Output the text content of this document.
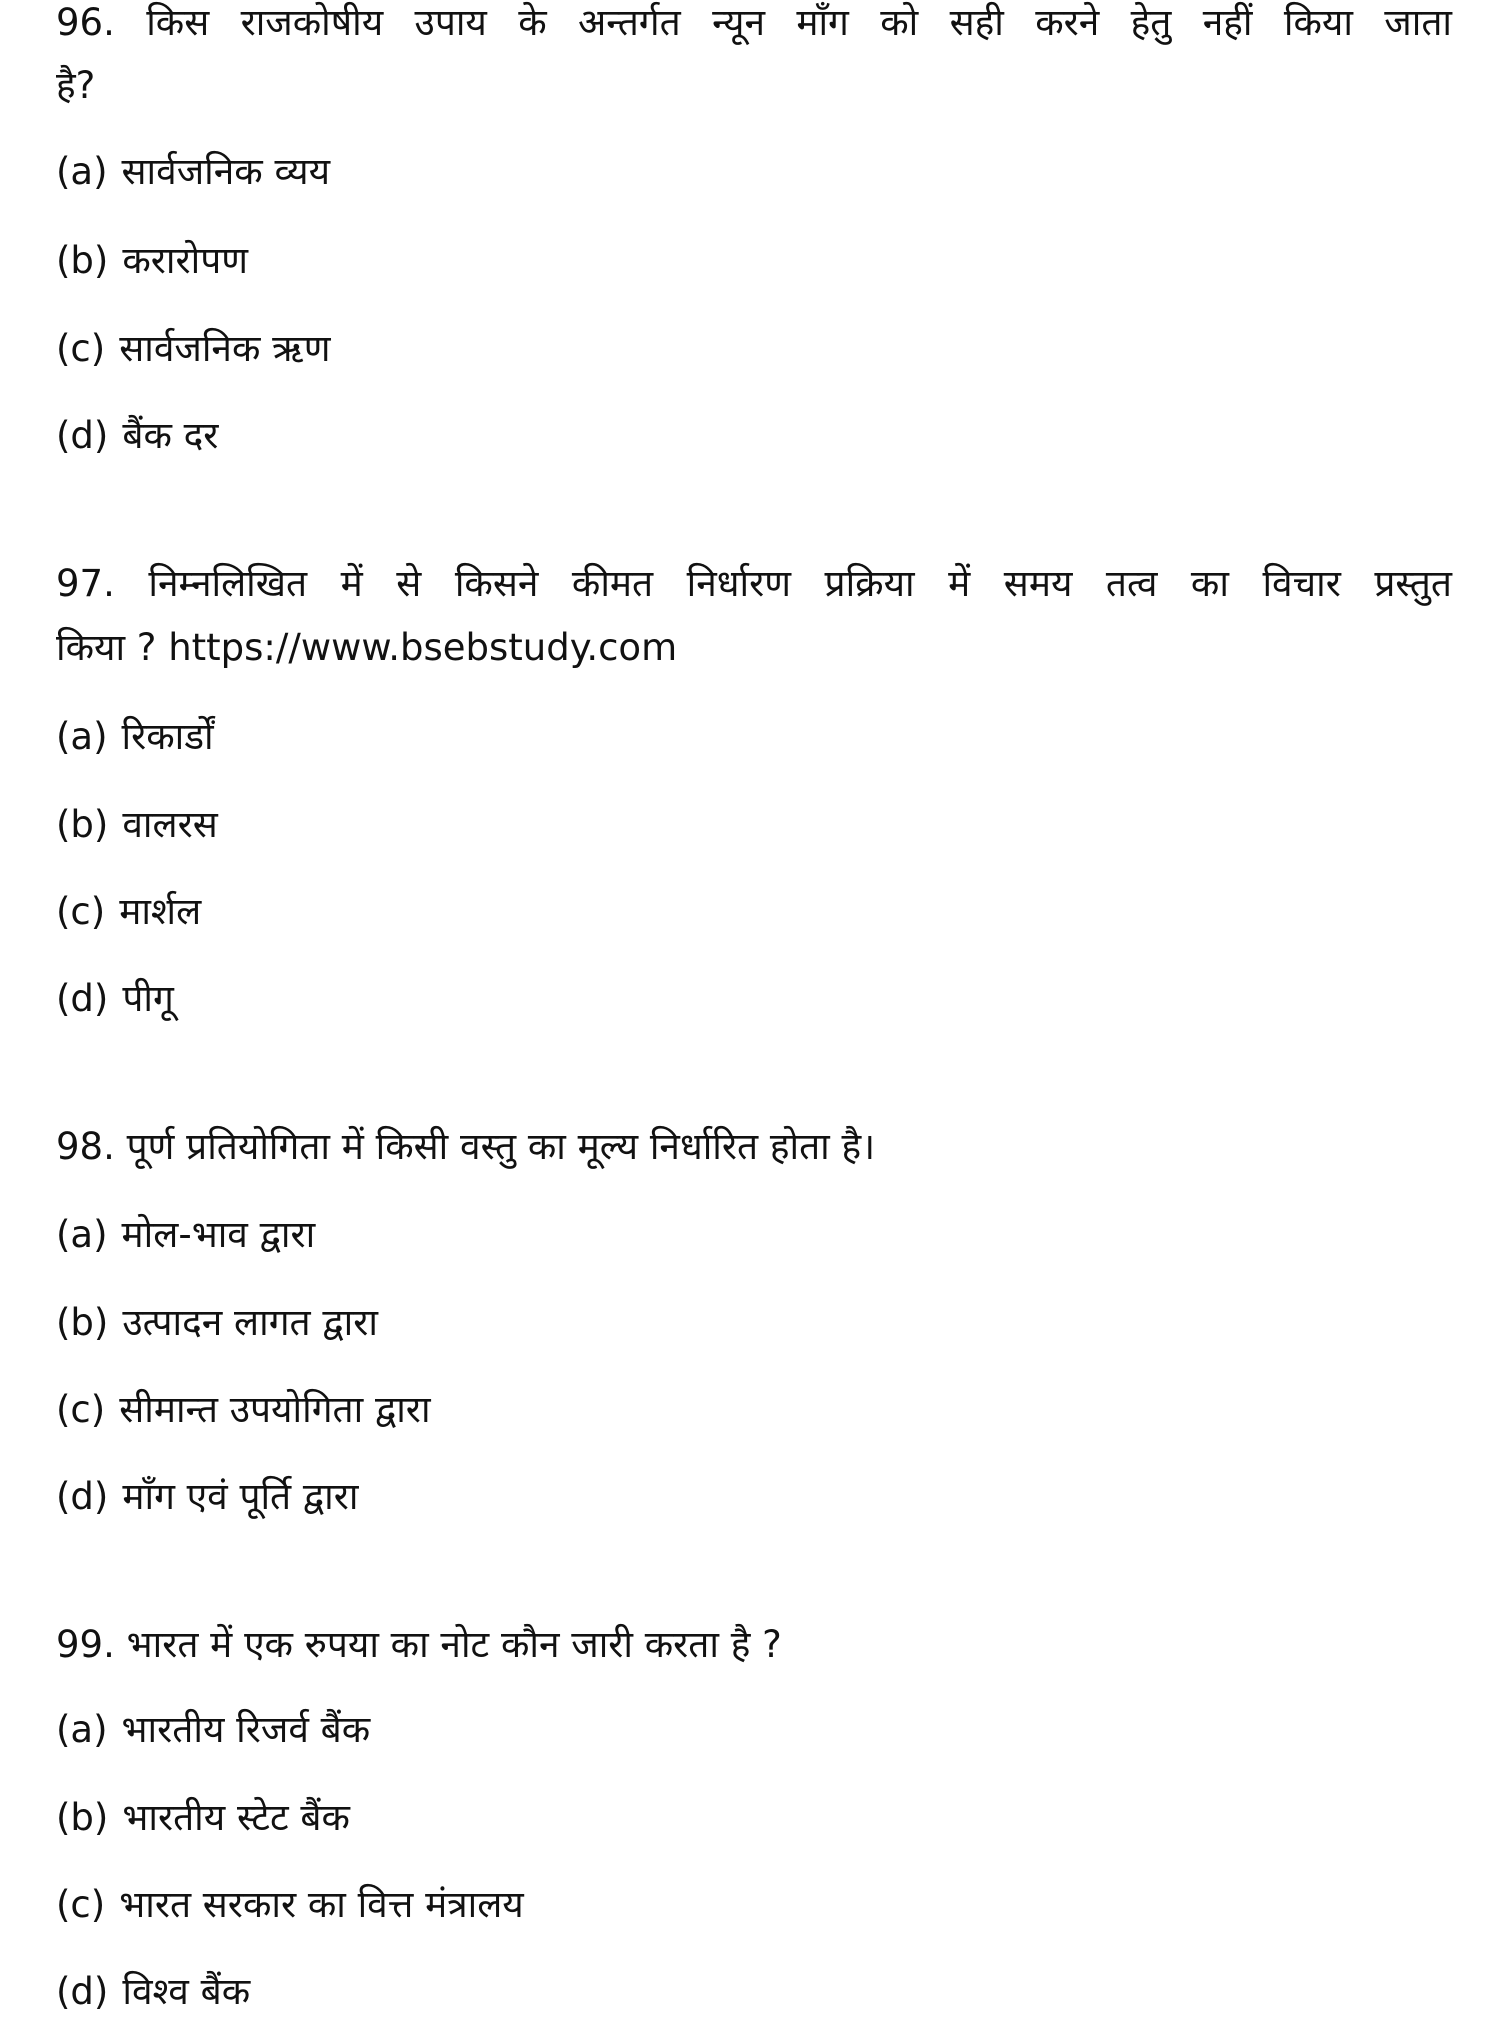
96. किस राजकोषीय उपाय के अन्तर्गत न्यून माँग को सही करने हेतु नहीं किया जाता
है?
(a) सार्वजनिक व्यय
(b) करारोपण
(c) सार्वजनिक ऋण
(d) बैंक दर
97. निम्नलिखित में से किसने कीमत निर्धारण प्रक्रिया में समय तत्व का विचार प्रस्तुत
किया ? https://www.bsebstudy.com
(a) रिकार्डों
(b) वालरस
(c) मार्शल
(d) पीगू
98. पूर्ण प्रतियोगिता में किसी वस्तु का मूल्य निर्धारित होता है।
(a) मोल-भाव द्वारा
(b) उत्पादन लागत द्वारा
(c) सीमान्त उपयोगिता द्वारा
(d) माँग एवं पूर्ति द्वारा
99. भारत में एक रुपया का नोट कौन जारी करता है ?
(a) भारतीय रिजर्व बैंक
(b) भारतीय स्टेट बैंक
(c) भारत सरकार का वित्त मंत्रालय
(d) विश्व बैंक
